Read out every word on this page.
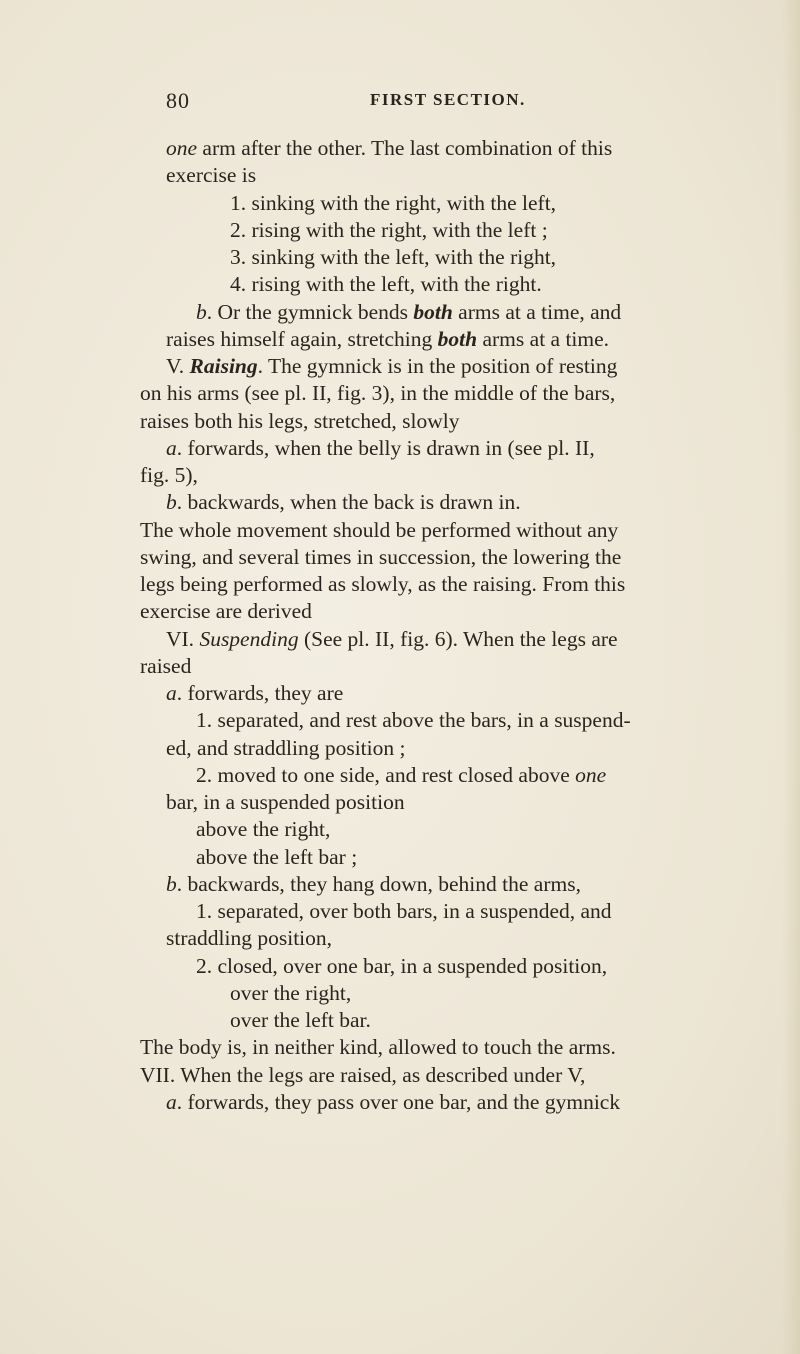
80	FIRST SECTION.
one arm after the other. The last combination of this
exercise is
1. sinking with the right, with the left,
2. rising with the right, with the left ;
3. sinking with the left, with the right,
4. rising with the left, with the right.
b. Or the gymnick bends both arms at a time, and
raises himself again, stretching both arms at a time.
V. Raising. The gymnick is in the position of resting
on his arms (see pl. II, fig. 3), in the middle of the bars,
raises both his legs, stretched, slowly
a. forwards, when the belly is drawn in (see pl. II,
fig. 5),
b. backwards, when the back is drawn in.
The whole movement should be performed without any
swing, and several times in succession, the lowering the
legs being performed as slowly, as the raising. From this
exercise are derived
VI. Suspending (See pl. II, fig. 6). When the legs are
raised
a. forwards, they are
1. separated, and rest above the bars, in a suspend-
ed, and straddling position ;
2. moved to one side, and rest closed above one
bar, in a suspended position
above the right,
above the left bar ;
b. backwards, they hang down, behind the arms,
1. separated, over both bars, in a suspended, and
straddling position,
2. closed, over one bar, in a suspended position,
over the right,
over the left bar.
The body is, in neither kind, allowed to touch the arms.
VII. When the legs are raised, as described under V,
a. forwards, they pass over one bar, and the gymnick
